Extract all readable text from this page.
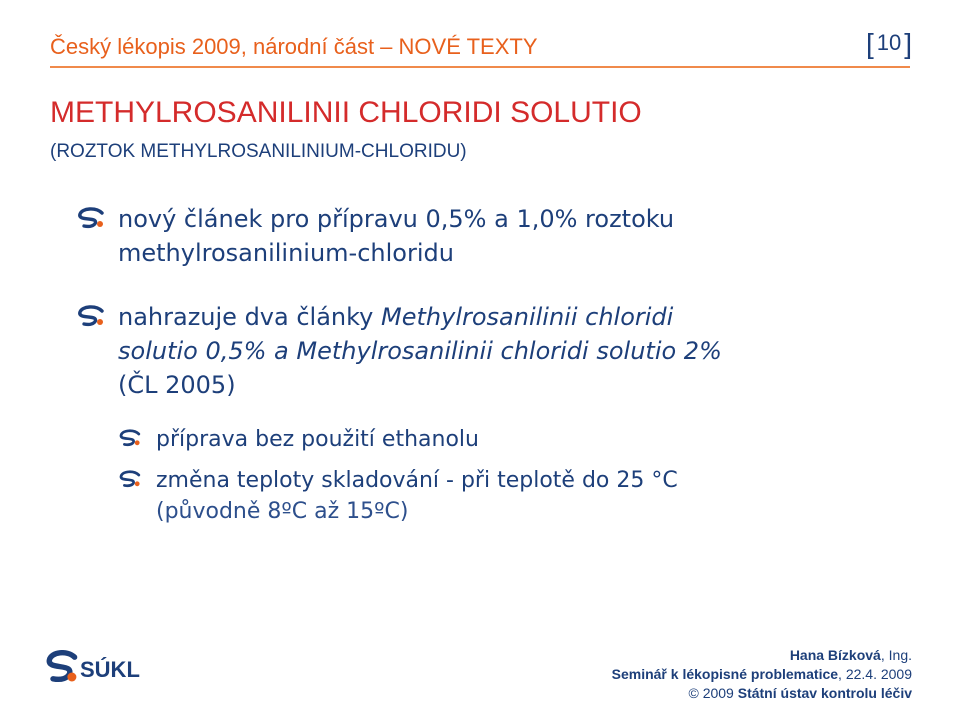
Český lékopis 2009, národní část – NOVÉ TEXTY	[ 10 ]
METHYLROSANILINII CHLORIDI SOLUTIO
(ROZTOK METHYLROSANILINIUM-CHLORIDU)
nový článek pro přípravu 0,5% a 1,0% roztoku
methylrosanilinium-chloridu
nahrazuje dva články Methylrosanilinii chloridi
solutio 0,5% a Methylrosanilinii chloridi solutio 2%
(ČL 2005)
příprava bez použití ethanolu
změna teploty skladování - při teplotě do 25 °C
(původně 8ºC až 15ºC)
SÚKL
Hana Bízková, Ing.
Seminář k lékopisné problematice, 22.4. 2009
© 2009 Státní ústav kontrolu léčiv
